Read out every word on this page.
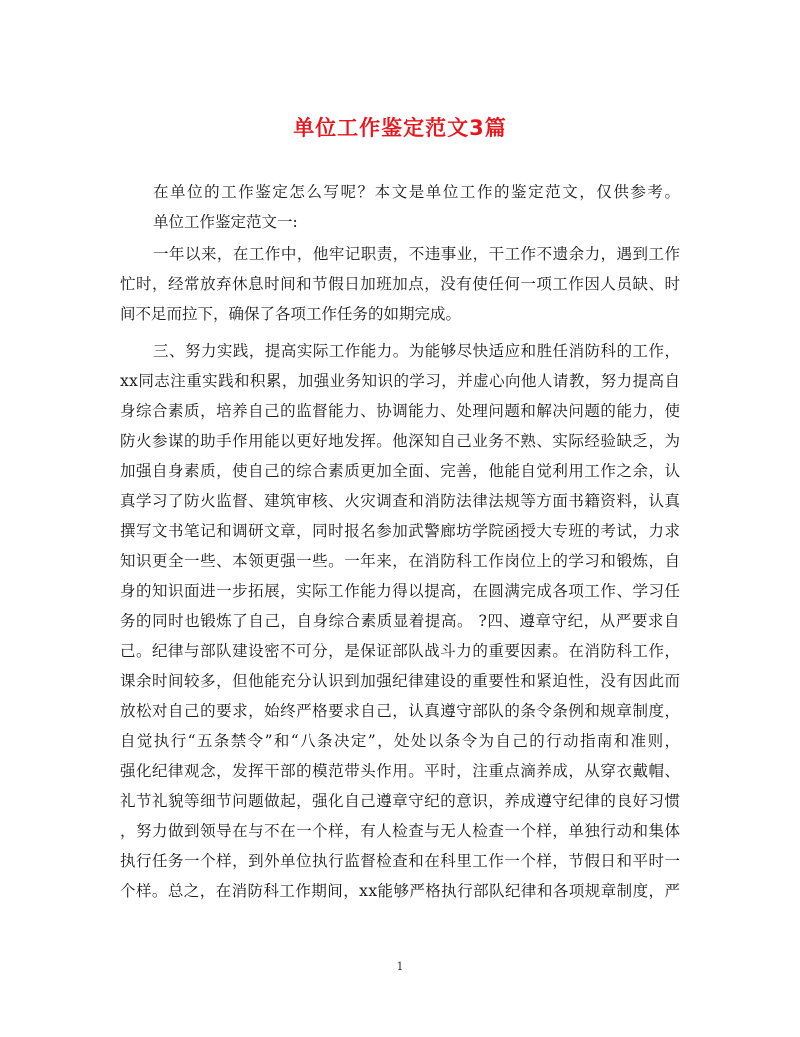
单位工作鉴定范文3篇

在单位的工作鉴定怎么写呢？本文是单位工作的鉴定范文，仅供参考。

单位工作鉴定范文一:

一年以来，在工作中，他牢记职责，不违事业，干工作不遗余力，遇到工作

忙时，经常放弃休息时间和节假日加班加点，没有使任何一项工作因人员缺、时

间不足而拉下，确保了各项工作任务的如期完成。

三、努力实践，提高实际工作能力。为能够尽快适应和胜任消防科的工作，

xx同志注重实践和积累，加强业务知识的学习，并虚心向他人请教，努力提高自

身综合素质，培养自己的监督能力、协调能力、处理问题和解决问题的能力，使

防火参谋的助手作用能以更好地发挥。他深知自己业务不熟、实际经验缺乏，为

加强自身素质，使自己的综合素质更加全面、完善，他能自觉利用工作之余，认

真学习了防火监督、建筑审核、火灾调查和消防法律法规等方面书籍资料，认真

撰写文书笔记和调研文章，同时报名参加武警廊坊学院函授大专班的考试，力求

知识更全一些、本领更强一些。一年来，在消防科工作岗位上的学习和锻炼，自

身的知识面进一步拓展，实际工作能力得以提高，在圆满完成各项工作、学习任

务的同时也锻炼了自己，自身综合素质显着提高。 ?四、遵章守纪，从严要求自

己。纪律与部队建设密不可分，是保证部队战斗力的重要因素。在消防科工作，

课余时间较多，但他能充分认识到加强纪律建设的重要性和紧迫性，没有因此而

放松对自己的要求，始终严格要求自己，认真遵守部队的条令条例和规章制度，

自觉执行“五条禁令”和“八条决定”，处处以条令为自己的行动指南和准则，

强化纪律观念，发挥干部的模范带头作用。平时，注重点滴养成，从穿衣戴帽、

礼节礼貌等细节问题做起，强化自己遵章守纪的意识，养成遵守纪律的良好习惯

，努力做到领导在与不在一个样，有人检查与无人检查一个样，单独行动和集体

执行任务一个样，到外单位执行监督检查和在科里工作一个样，节假日和平时一

个样。总之，在消防科工作期间，xx能够严格执行部队纪律和各项规章制度，严

1
